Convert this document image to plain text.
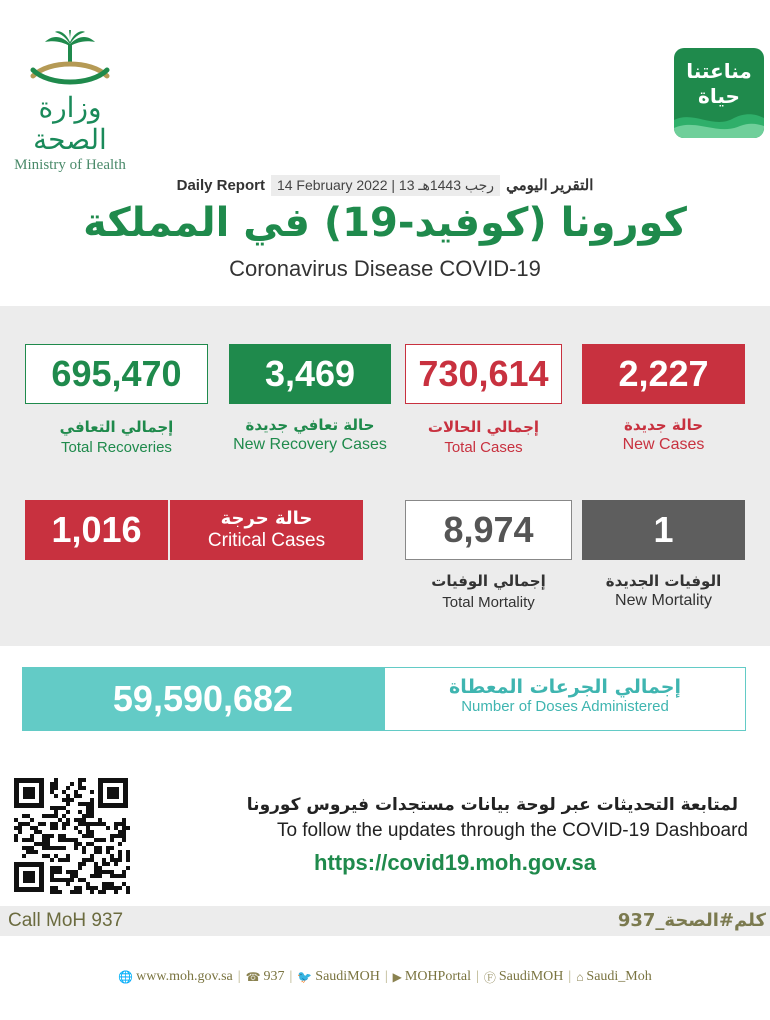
وزارة الصحة
Ministry of Health
مناعتنا
حياة
Daily Report 14 February 2022 | 13 رجب 1443هـ التقرير اليومي
كورونا (كوفيد-19) في المملكة
Coronavirus Disease COVID-19
695,470
إجمالي التعافي
Total Recoveries
3,469
حالة تعافي جديدة
New Recovery Cases
730,614
إجمالي الحالات
Total Cases
2,227
حالة جديدة
New Cases
1,016	حالة حرجة
Critical Cases	8,974
إجمالي الوفيات
Total Mortality
1
الوفيات الجديدة
New Mortality
59,590,682	إجمالي الجرعات المعطاة
Number of Doses Administered
لمتابعة التحديثات عبر لوحة بيانات مستجدات فيروس كورونا
To follow the updates through the COVID-19 Dashboard
https://covid19.moh.gov.sa
Call MoH 937	937_كلم#الصحة
🌐 www.moh.gov.sa | ☎ 937 | 🐦 SaudiMOH | ▶ MOHPortal | Ⓕ SaudiMOH | ⌂ Saudi_Moh
